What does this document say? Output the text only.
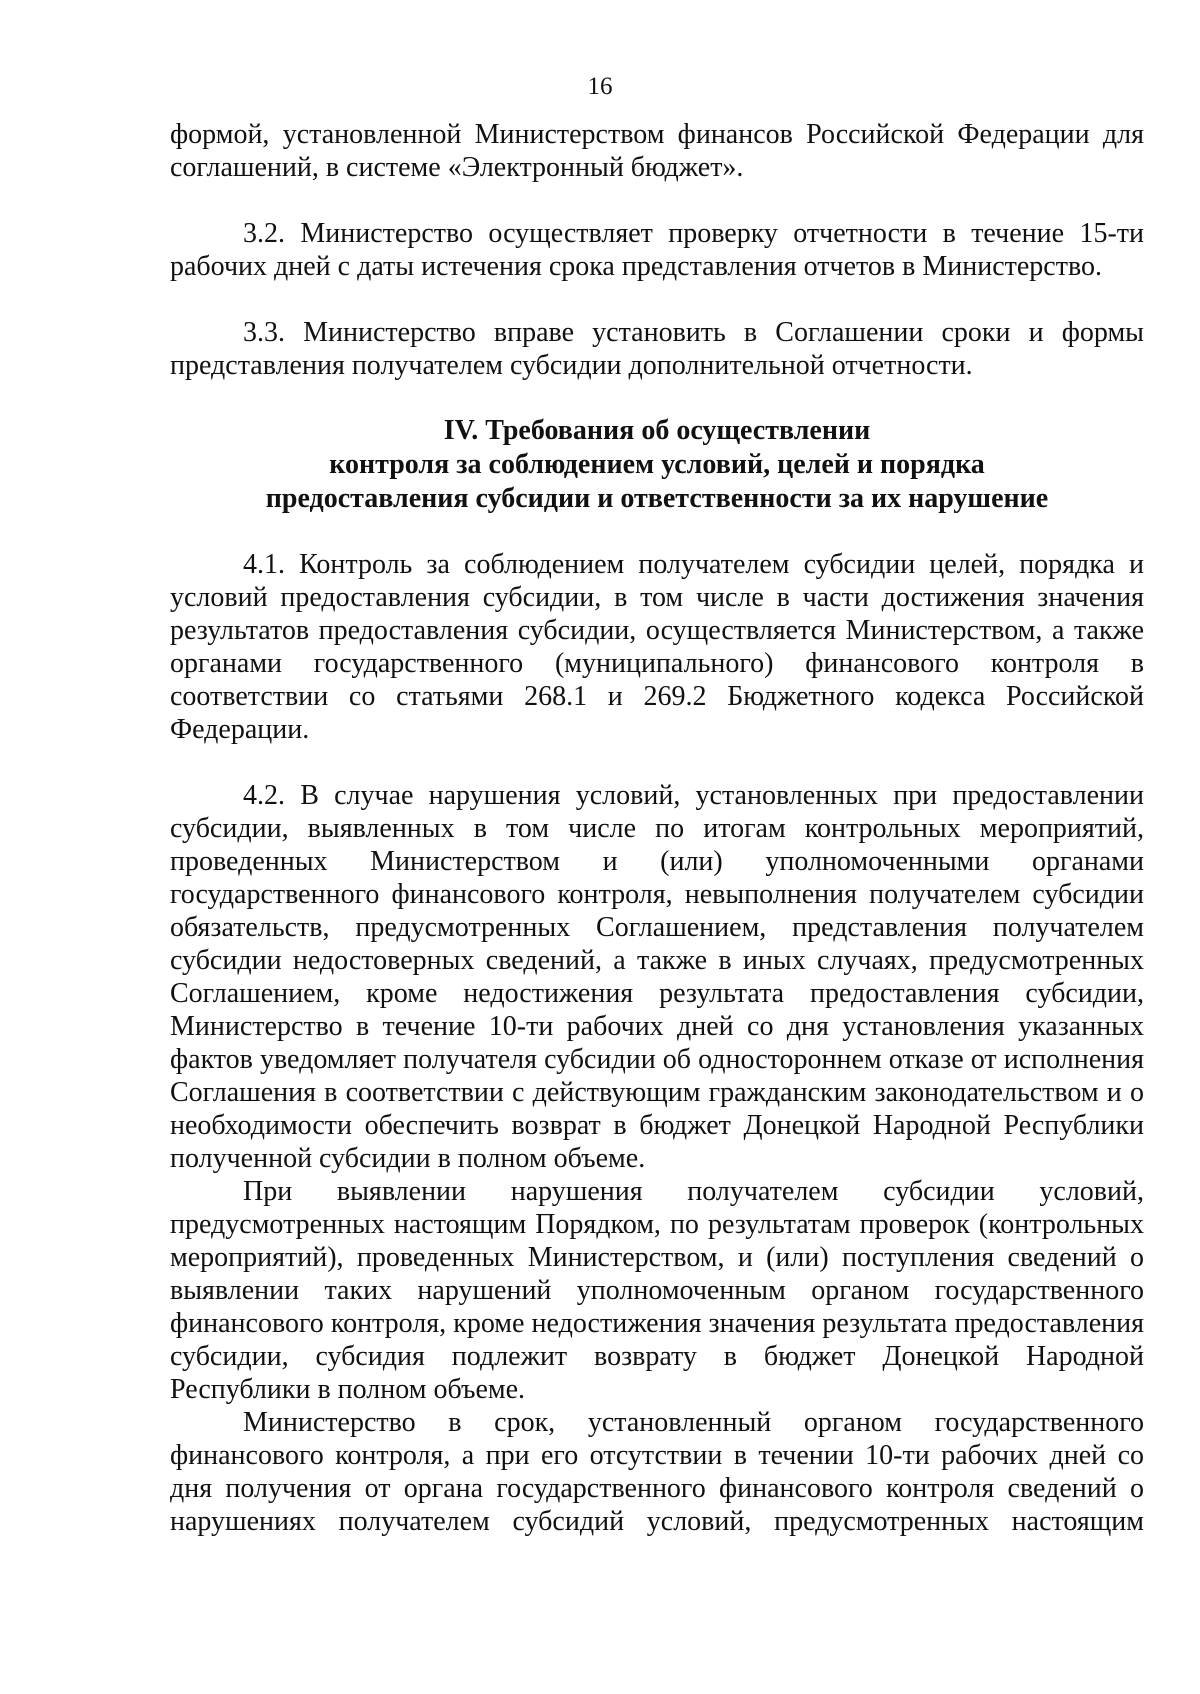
16

формой, установленной Министерством финансов Российской Федерации для соглашений, в системе «Электронный бюджет».

3.2. Министерство осуществляет проверку отчетности в течение 15-ти рабочих дней с даты истечения срока представления отчетов в Министерство.

3.3. Министерство вправе установить в Соглашении сроки и формы представления получателем субсидии дополнительной отчетности.

IV. Требования об осуществлении
контроля за соблюдением условий, целей и порядка
предоставления субсидии и ответственности за их нарушение

4.1. Контроль за соблюдением получателем субсидии целей, порядка и условий предоставления субсидии, в том числе в части достижения значения результатов предоставления субсидии, осуществляется Министерством, а также органами государственного (муниципального) финансового контроля в соответствии со статьями 268.1 и 269.2 Бюджетного кодекса Российской Федерации.

4.2. В случае нарушения условий, установленных при предоставлении субсидии, выявленных в том числе по итогам контрольных мероприятий, проведенных Министерством и (или) уполномоченными органами государственного финансового контроля, невыполнения получателем субсидии обязательств, предусмотренных Соглашением, представления получателем субсидии недостоверных сведений, а также в иных случаях, предусмотренных Соглашением, кроме недостижения результата предоставления субсидии, Министерство в течение 10-ти рабочих дней со дня установления указанных фактов уведомляет получателя субсидии об одностороннем отказе от исполнения Соглашения в соответствии с действующим гражданским законодательством и о необходимости обеспечить возврат в бюджет Донецкой Народной Республики полученной субсидии в полном объеме.

При выявлении нарушения получателем субсидии условий, предусмотренных настоящим Порядком, по результатам проверок (контрольных мероприятий), проведенных Министерством, и (или) поступления сведений о выявлении таких нарушений уполномоченным органом государственного финансового контроля, кроме недостижения значения результата предоставления субсидии, субсидия подлежит возврату в бюджет Донецкой Народной Республики в полном объеме.

Министерство в срок, установленный органом государственного финансового контроля, а при его отсутствии в течении 10-ти рабочих дней со дня получения от органа государственного финансового контроля сведений о нарушениях получателем субсидий условий, предусмотренных настоящим
